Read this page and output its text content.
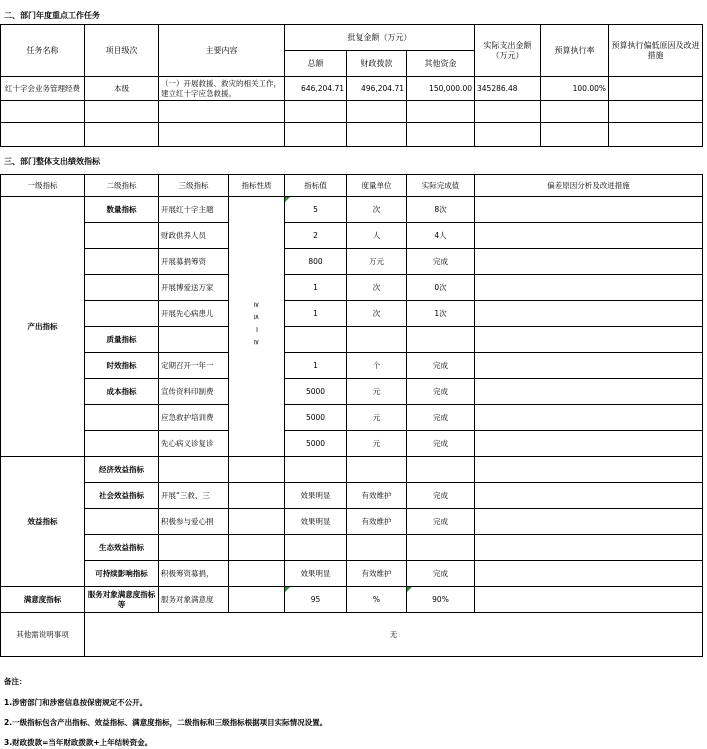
二、部门年度重点工作任务
任务名称	项目级次	主要内容	批复金额（万元）			实际支出金额（万元）	预算执行率	预算执行偏低原因及改进措施
			总额	财政拨款	其他资金			
红十字会业务管理经费	本级	（一）开展救援、救灾的相关工作，建立红十字应急救援。	646,204.71	496,204.71	150,000.00	345286.48	100.00%	

三、部门整体支出绩效指标
一级指标	二级指标	三级指标	指标性质	指标值	度量单位	实际完成值	偏差原因分析及改进措施
产出指标	数量指标	开展红十字主题	≥ ≤ ＝ ≥	5	次	8次	
		财政供养人员		2	人	4人	
		开展募捐筹资		800	万元	完成	
		开展博爱送万家		1	次	0次	
		开展先心病患儿		1	次	1次	
	质量指标						
	时效指标	定期召开一年一		1	个	完成	
	成本指标	宣传资料印制费		5000	元	完成	
		应急救护培训费		5000	元	完成	
		先心病义诊复诊		5000	元	完成	
效益指标	经济效益指标						
	社会效益指标	开展“三救、三		效果明显	有效维护	完成	
		积极参与爱心捐		效果明显	有效维护	完成	
	生态效益指标						
	可持续影响指标	积极筹资募捐，		效果明显	有效维护	完成	
满意度指标	服务对象满意度指标等	服务对象满意度		95	%	90%	
其他需说明事项	无						
备注：
1.涉密部门和涉密信息按保密规定不公开。
2.一级指标包含产出指标、效益指标、满意度指标，二级指标和三级指标根据项目实际情况设置。
3.财政拨款=当年财政拨款+上年结转资金。
